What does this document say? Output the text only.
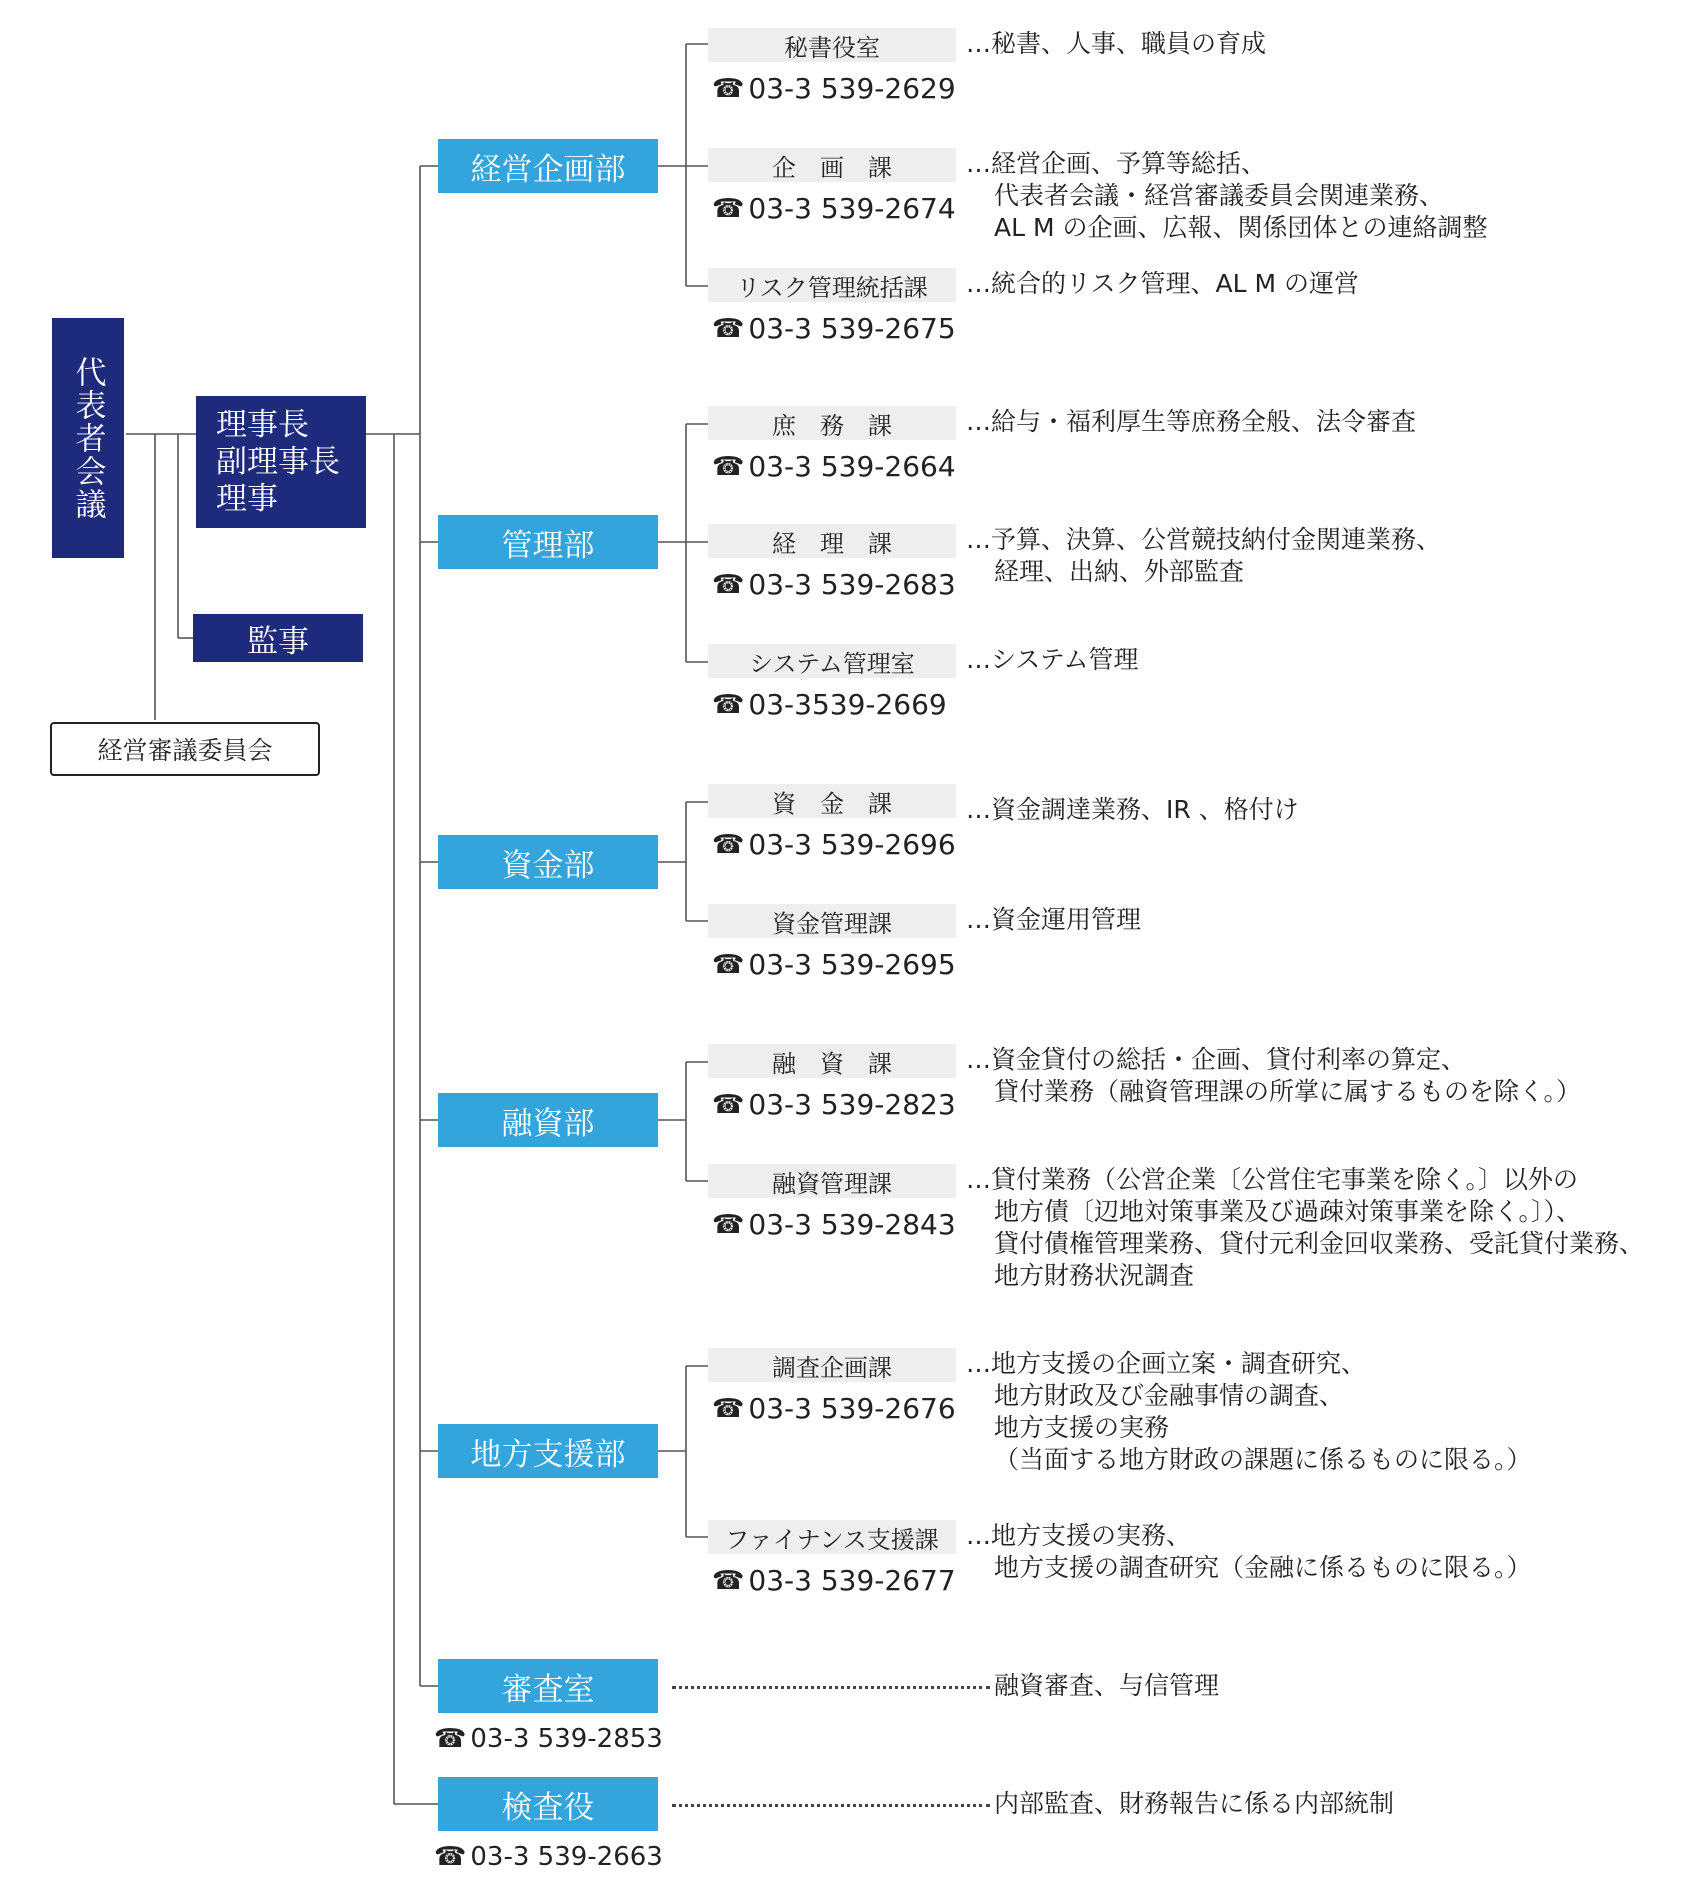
代表者会議	理事長
副理事長
理事
監事
経営審議委員会
経営企画部
秘書役室
☎ 03-3 539-2629
…秘書、人事、職員の育成
企　画　課
☎ 03-3 539-2674
…経営企画、予算等総括、
代表者会議・経営審議委員会関連業務、
AL M の企画、広報、関係団体との連絡調整
リスク管理統括課
☎ 03-3 539-2675
…統合的リスク管理、AL M の運営
管理部
庶　務　課
☎ 03-3 539-2664
…給与・福利厚生等庶務全般、法令審査
経　理　課
☎ 03-3 539-2683
…予算、決算、公営競技納付金関連業務、
経理、出納、外部監査
システム管理室
☎ 03-3539-2669
…システム管理
資金部
資　金　課
☎ 03-3 539-2696
…資金調達業務、IR 、格付け
資金管理課
☎ 03-3 539-2695
…資金運用管理
融資部
融　資　課
☎ 03-3 539-2823
…資金貸付の総括・企画、貸付利率の算定、
貸付業務（融資管理課の所掌に属するものを除く。）
融資管理課
☎ 03-3 539-2843
…貸付業務（公営企業〔公営住宅事業を除く。〕以外の
地方債〔辺地対策事業及び過疎対策事業を除く。〕）、
貸付債権管理業務、貸付元利金回収業務、受託貸付業務、
地方財務状況調査
地方支援部
調査企画課
☎ 03-3 539-2676
…地方支援の企画立案・調査研究、
地方財政及び金融事情の調査、
地方支援の実務
（当面する地方財政の課題に係るものに限る。）
ファイナンス支援課
☎ 03-3 539-2677
…地方支援の実務、
地方支援の調査研究（金融に係るものに限る。）
審査室	融資審査、与信管理
☎ 03-3 539-2853
検査役	内部監査、財務報告に係る内部統制
☎ 03-3 539-2663
